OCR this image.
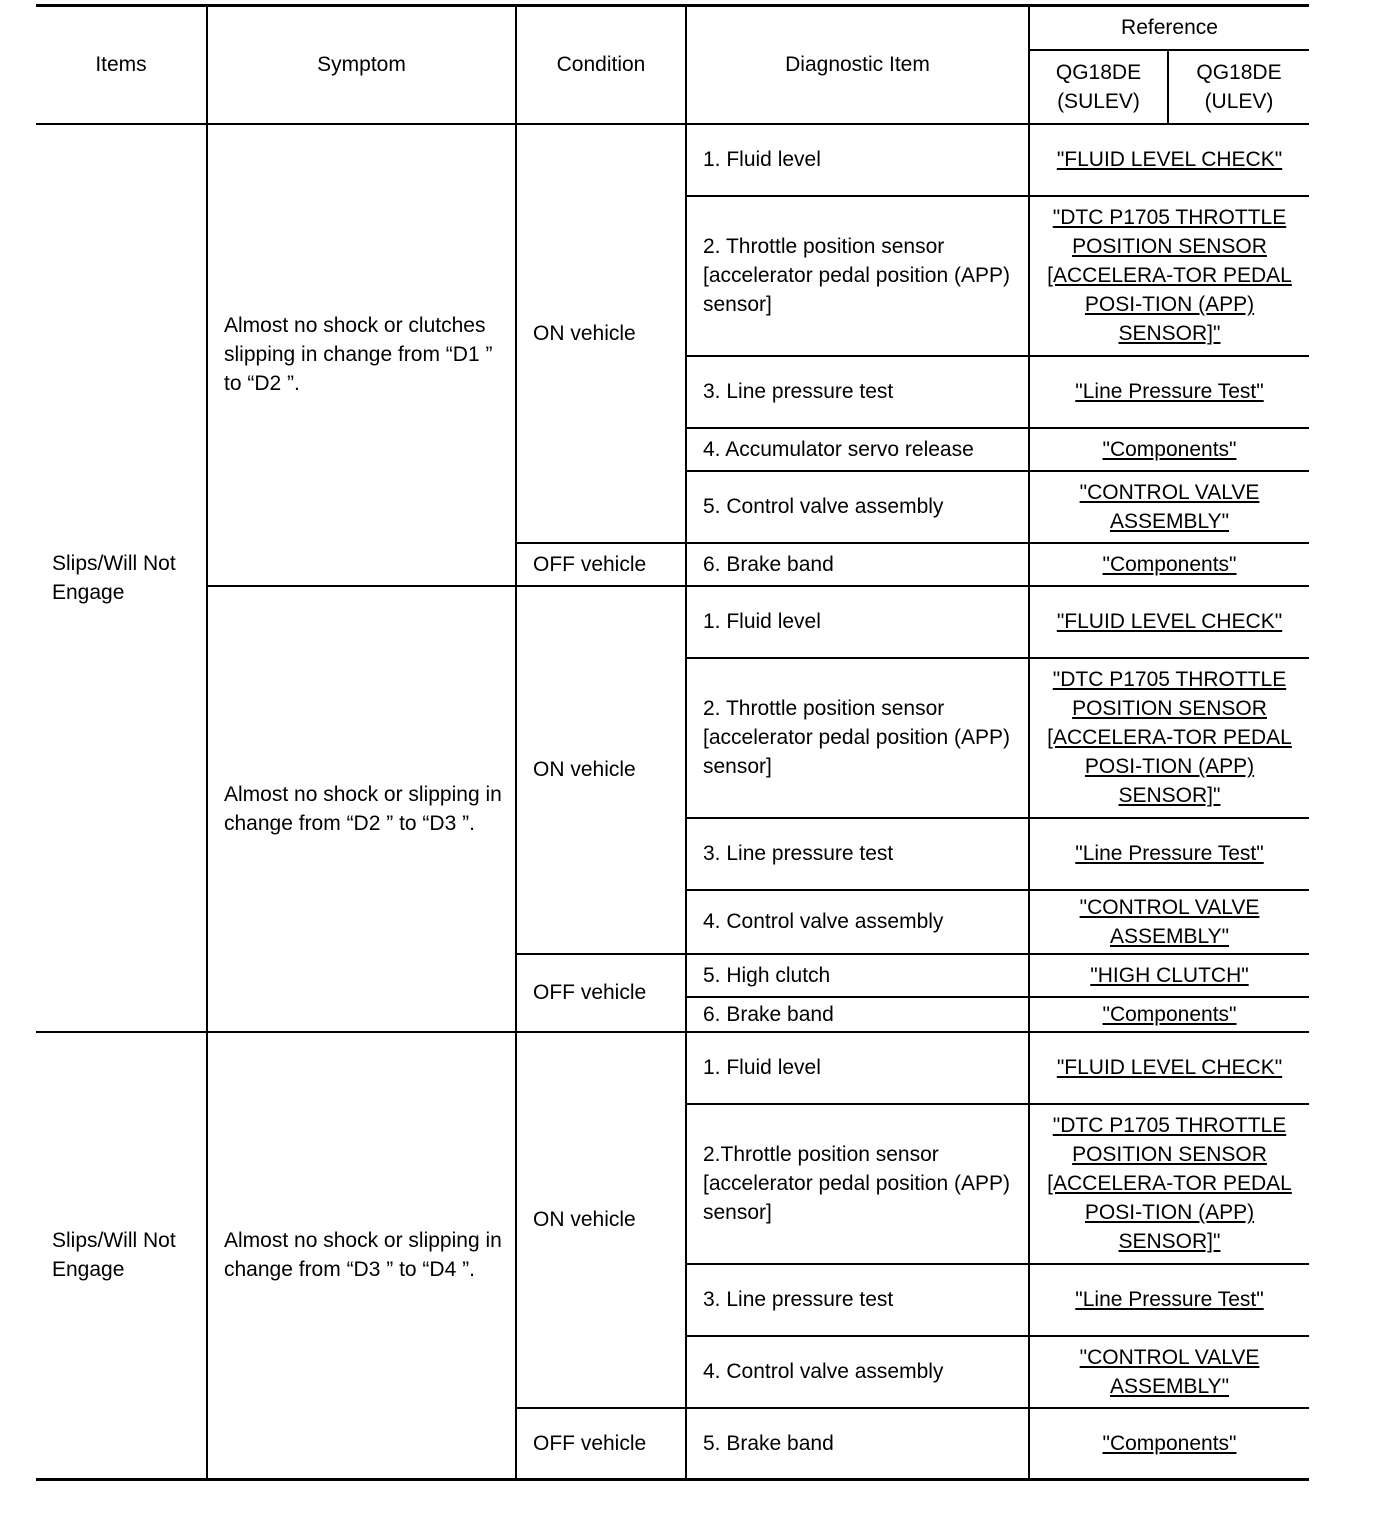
Items	Symptom	Condition	Diagnostic Item	Reference

QG18DE (SULEV)
QG18DE (ULEV)

Slips/Will Not Engage	Almost no shock or clutches slipping in change from “D1 ” to “D2 ”.	ON vehicle	1. Fluid level	"FLUID LEVEL CHECK"
			2. Throttle position sensor [accelerator pedal position (APP) sensor]	"DTC P1705 THROTTLE POSITION SENSOR [ACCELERA-TOR PEDAL POSI-TION (APP) SENSOR]"
			3. Line pressure test	"Line Pressure Test"
			4. Accumulator servo release	"Components"
			5. Control valve assembly	"CONTROL VALVE ASSEMBLY"
		OFF vehicle	6. Brake band	"Components"
	Almost no shock or slipping in change from “D2 ” to “D3 ”.	ON vehicle	1. Fluid level	"FLUID LEVEL CHECK"
			2. Throttle position sensor [accelerator pedal position (APP) sensor]	"DTC P1705 THROTTLE POSITION SENSOR [ACCELERA-TOR PEDAL POSI-TION (APP) SENSOR]"
			3. Line pressure test	"Line Pressure Test"
			4. Control valve assembly	"CONTROL VALVE ASSEMBLY"
		OFF vehicle	5. High clutch	"HIGH CLUTCH"
			6. Brake band	"Components"
Slips/Will Not Engage	Almost no shock or slipping in change from “D3 ” to “D4 ”.	ON vehicle	1. Fluid level	"FLUID LEVEL CHECK"
			2.Throttle position sensor [accelerator pedal position (APP) sensor]	"DTC P1705 THROTTLE POSITION SENSOR [ACCELERA-TOR PEDAL POSI-TION (APP) SENSOR]"
			3. Line pressure test	"Line Pressure Test"
			4. Control valve assembly	"CONTROL VALVE ASSEMBLY"
		OFF vehicle	5. Brake band	"Components"
